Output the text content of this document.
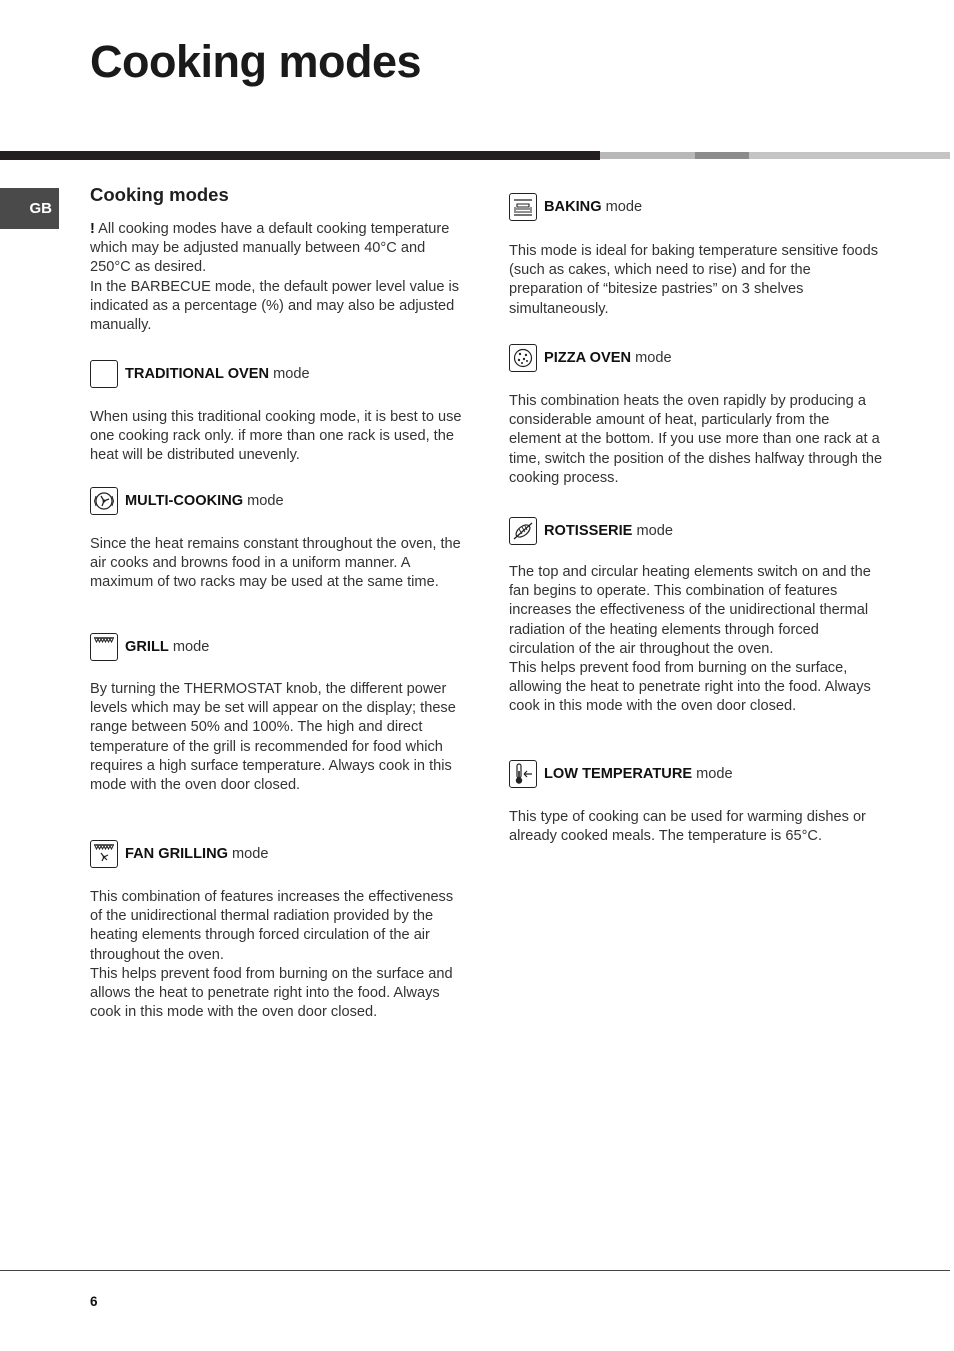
Cooking modes
GB
Cooking modes

! All cooking modes have a default cooking temperature which may be adjusted manually between 40°C and 250°C as desired.
In the BARBECUE mode, the default power level value is indicated as a percentage (%) and may also be adjusted manually.

TRADITIONAL OVEN mode

When using this traditional cooking mode, it is best to use one cooking rack only. if more than one rack is used, the heat will be distributed unevenly.

MULTI-COOKING mode

Since the heat remains constant throughout the oven, the air cooks and browns food in a uniform manner. A maximum of two racks may be used at the same time.

GRILL mode

By turning the THERMOSTAT knob, the different power levels which may be set will appear on the display; these range between 50% and 100%. The high and direct temperature of the grill is recommended for food which requires a high surface temperature. Always cook in this mode with the oven door closed.

FAN GRILLING mode

This combination of features increases the effectiveness of the unidirectional thermal radiation provided by the heating elements through forced circulation of the air throughout the oven.
This helps prevent food from burning on the surface and allows the heat to penetrate right into the food. Always cook in this mode with the oven door closed.

BAKING mode

This mode is ideal for baking temperature sensitive foods (such as cakes, which need to rise) and for the preparation of “bitesize pastries” on 3 shelves simultaneously.

PIZZA OVEN mode

This combination heats the oven rapidly by producing a considerable amount of heat, particularly from the element at the bottom. If you use more than one rack at a time, switch the position of the dishes halfway through the cooking process.

ROTISSERIE mode

The top and circular heating elements switch on and the fan begins to operate. This combination of features increases the effectiveness of the unidirectional thermal radiation of the heating elements through forced circulation of the air throughout the oven.
This helps prevent food from burning on the surface, allowing the heat to penetrate right into the food. Always cook in this mode with the oven door closed.

LOW TEMPERATURE mode

This type of cooking can be used for warming dishes or already cooked meals. The temperature is 65°C.

6
